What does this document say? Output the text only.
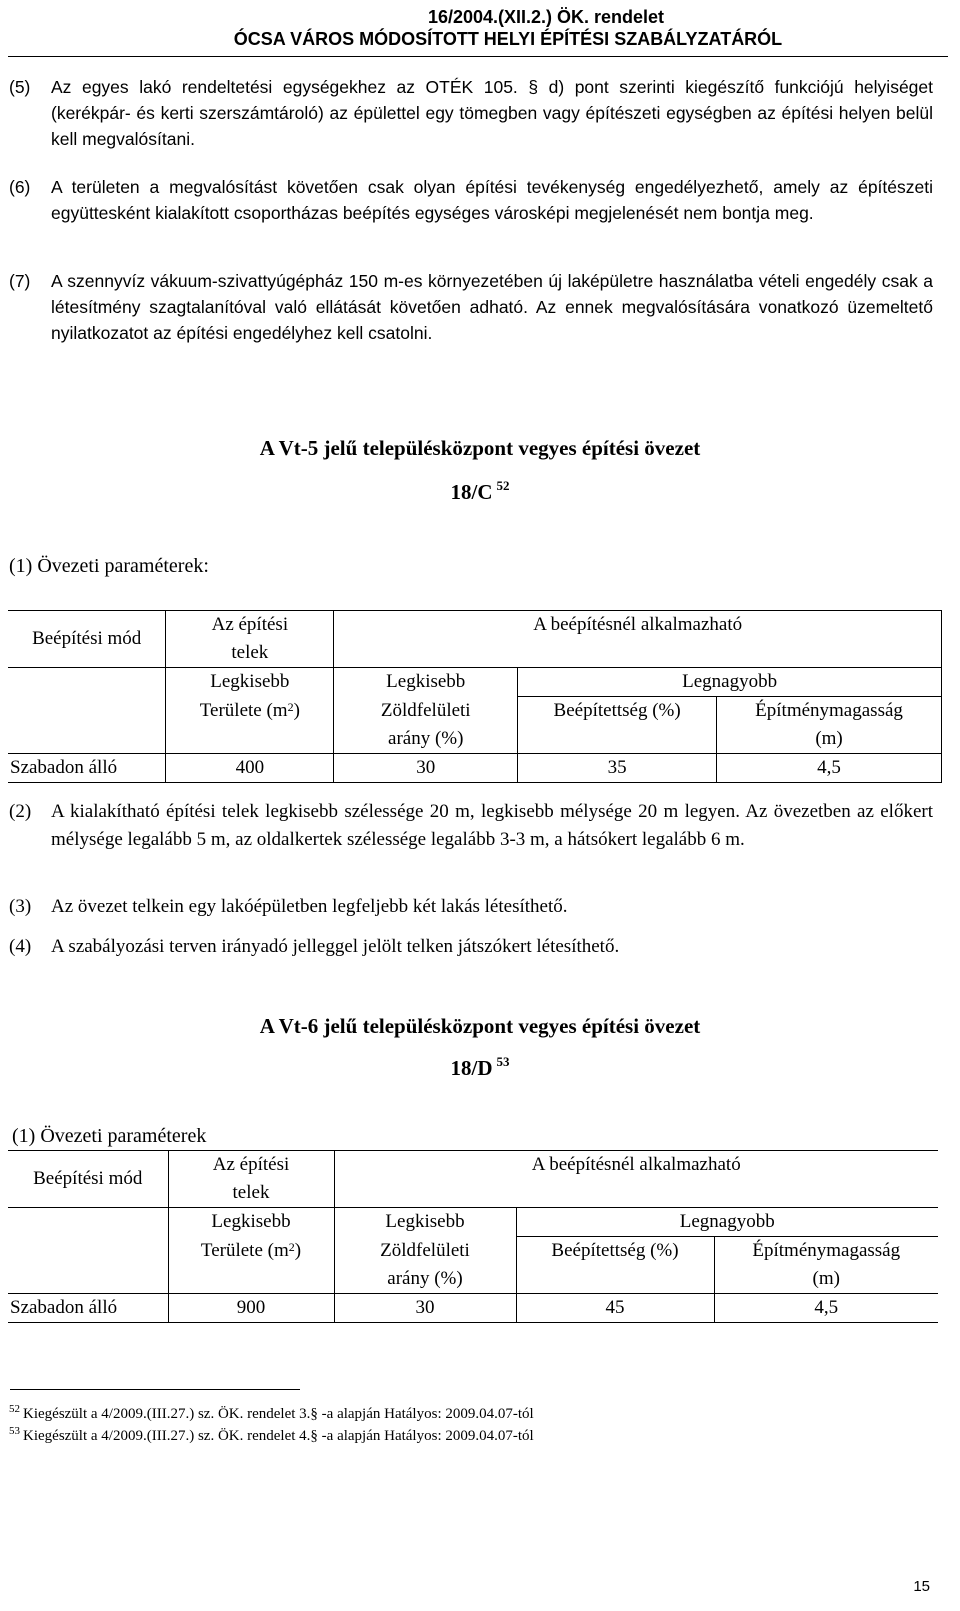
16/2004.(XII.2.) ÖK. rendelet
ÓCSA VÁROS MÓDOSÍTOTT HELYI ÉPÍTÉSI SZABÁLYZATÁRÓL
(5) Az egyes lakó rendeltetési egységekhez az OTÉK 105. § d) pont szerinti kiegészítő funkciójú helyiséget (kerékpár- és kerti szerszámtároló) az épülettel egy tömegben vagy építészeti egységben az építési helyen belül kell megvalósítani.
(6) A területen a megvalósítást követően csak olyan építési tevékenység engedélyezhető, amely az építészeti együttesként kialakított csoportházas beépítés egységes városképi megjelenését nem bontja meg.
(7) A szennyvíz vákuum-szivattyúgépház 150 m-es környezetében új laképületre használatba vételi engedély csak a létesítmény szagtalanítóval való ellátását követően adható. Az ennek megvalósítására vonatkozó üzemeltető nyilatkozatot az építési engedélyhez kell csatolni.
A Vt-5 jelű településközpont vegyes építési övezet
18/C $^{52}$
(1) Övezeti paraméterek:
Beépítési mód	Az építési	A beépítésnél alkalmazható		
	telek			
	Legkisebb	Legkisebb	Legnagyobb	
	Területe $(m^2)$	Zöldfelületi	Beépítettség (%)	Építménymagasság
		arány (%)		(m)
Szabadon álló	400	30	35	4,5
(2) A kialakítható építési telek legkisebb szélessége 20 m, legkisebb mélysége 20 m legyen. Az övezetben az előkert mélysége legalább 5 m, az oldalkertek szélessége legalább 3-3 m, a hátsókert legalább 6 m.
(3) Az övezet telkein egy lakóépületben legfeljebb két lakás létesíthető.
(4) A szabályozási terven irányadó jelleggel jelölt telken játszókert létesíthető.
A Vt-6 jelű településközpont vegyes építési övezet
18/D $^{53}$
(1) Övezeti paraméterek
Beépítési mód	Az építési	A beépítésnél alkalmazható		
	telek			
	Legkisebb	Legkisebb	Legnagyobb	
	Területe $(m^2)$	Zöldfelületi	Beépítettség (%)	Építménymagasság
		arány (%)		(m)
Szabadon álló	900	30	45	4,5
$^{52}$ Kiegészült a 4/2009.(III.27.) sz. ÖK. rendelet 3.§ -a alapján Hatályos: 2009.04.07-tól
$^{53}$ Kiegészült a 4/2009.(III.27.) sz. ÖK. rendelet 4.§ -a alapján Hatályos: 2009.04.07-tól
15
